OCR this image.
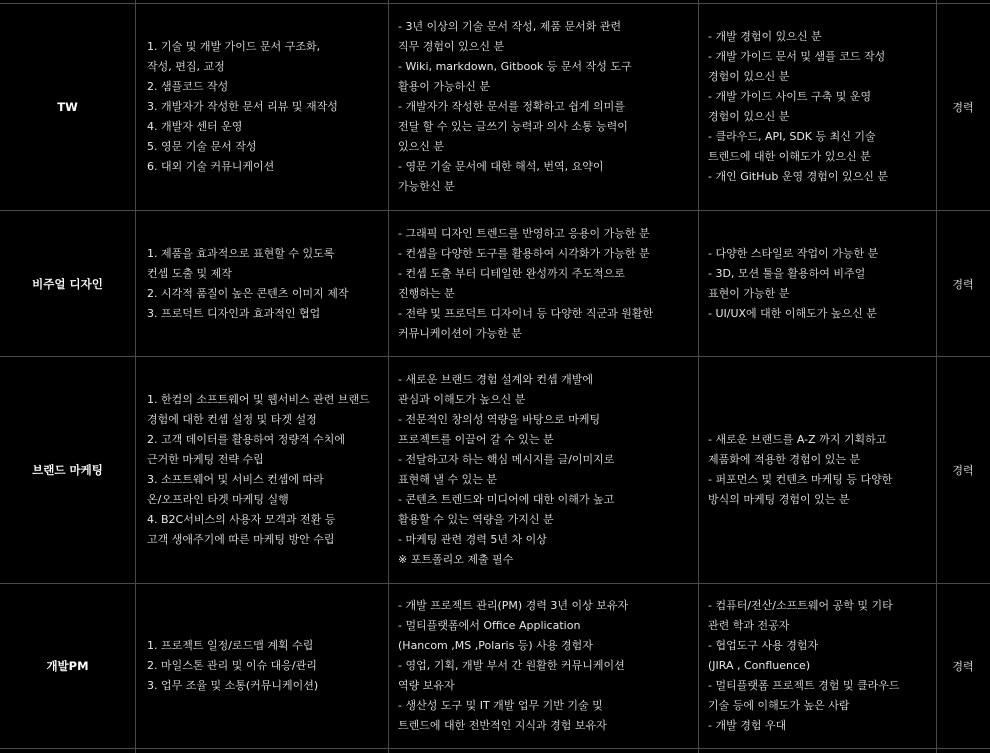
TW
1. 기술 및 개발 가이드 문서 구조화,
작성, 편집, 교정
2. 샘플코드 작성
3. 개발자가 작성한 문서 리뷰 및 재작성
4. 개발자 센터 운영
5. 영문 기술 문서 작성
6. 대외 기술 커뮤니케이션
- 3년 이상의 기술 문서 작성, 제품 문서화 관련
직무 경험이 있으신 분
- Wiki, markdown, Gitbook 등 문서 작성 도구
활용이 가능하신 분
- 개발자가 작성한 문서를 정확하고 쉽게 의미를
전달 할 수 있는 글쓰기 능력과 의사 소통 능력이
있으신 분
- 영문 기술 문서에 대한 해석, 번역, 요약이
가능한신 분
- 개발 경험이 있으신 분
- 개발 가이드 문서 및 샘플 코드 작성
경험이 있으신 분
- 개발 가이드 사이트 구축 및 운영
경험이 있으신 분
- 클라우드, API, SDK 등 최신 기술
트렌드에 대한 이해도가 있으신 분
- 개인 GitHub 운영 경험이 있으신 분
경력
비주얼 디자인
1. 제품을 효과적으로 표현할 수 있도록
컨셉 도출 및 제작
2. 시각적 품질이 높은 콘텐츠 이미지 제작
3. 프로덕트 디자인과 효과적인 협업
- 그래픽 디자인 트렌드를 반영하고 응용이 가능한 분
- 컨셉을 다양한 도구를 활용하여 시각화가 가능한 분
- 컨셉 도출 부터 디테일한 완성까지 주도적으로
진행하는 분
- 전략 및 프로덕트 디자이너 등 다양한 직군과 원활한
커뮤니케이션이 가능한 분
- 다양한 스타일로 작업이 가능한 분
- 3D, 모션 툴을 활용하여 비주얼
표현이 가능한 분
- UI/UX에 대한 이해도가 높으신 분
경력
브랜드 마케팅
1. 한컴의 소프트웨어 및 웹서비스 관련 브랜드
경험에 대한 컨셉 설정 및 타겟 설정
2. 고객 데이터를 활용하여 정량적 수치에
근거한 마케팅 전략 수립
3. 소프트웨어 및 서비스 컨셉에 따라
온/오프라인 타겟 마케팅 실행
4. B2C서비스의 사용자 모객과 전환 등
고객 생애주기에 따른 마케팅 방안 수립
- 새로운 브랜드 경험 설계와 컨셉 개발에
관심과 이해도가 높으신 분
- 전문적인 창의성 역량을 바탕으로 마케팅
프로젝트를 이끌어 갈 수 있는 분
- 전달하고자 하는 핵심 메시지를 글/이미지로
표현해 낼 수 있는 분
- 콘텐츠 트렌드와 미디어에 대한 이해가 높고
활용할 수 있는 역량을 가지신 분
- 마케팅 관련 경력 5년 차 이상
※ 포트폴리오 제출 필수
- 새로운 브랜드를 A-Z 까지 기획하고
제품화에 적용한 경험이 있는 분
- 퍼포먼스 및 컨텐츠 마케팅 등 다양한
방식의 마케팅 경험이 있는 분
경력
개발PM
1. 프로젝트 일정/로드맵 계획 수립
2. 마일스톤 관리 및 이슈 대응/관리
3. 업무 조율 및 소통(커뮤니케이션)
- 개발 프로젝트 관리(PM) 경력 3년 이상 보유자
- 멀티플랫폼에서 Office Application
(Hancom ,MS ,Polaris 등) 사용 경험자
- 영업, 기획, 개발 부서 간 원활한 커뮤니케이션
역량 보유자
- 생산성 도구 및 IT 개발 업무 기반 기술 및
트렌드에 대한 전반적인 지식과 경험 보유자
- 컴퓨터/전산/소프트웨어 공학 및 기타
관련 학과 전공자
- 협업도구 사용 경험자
(JIRA , Confluence)
- 멀티플랫폼 프로젝트 경험 및 클라우드
기술 등에 이해도가 높은 사람
- 개발 경험 우대
경력
